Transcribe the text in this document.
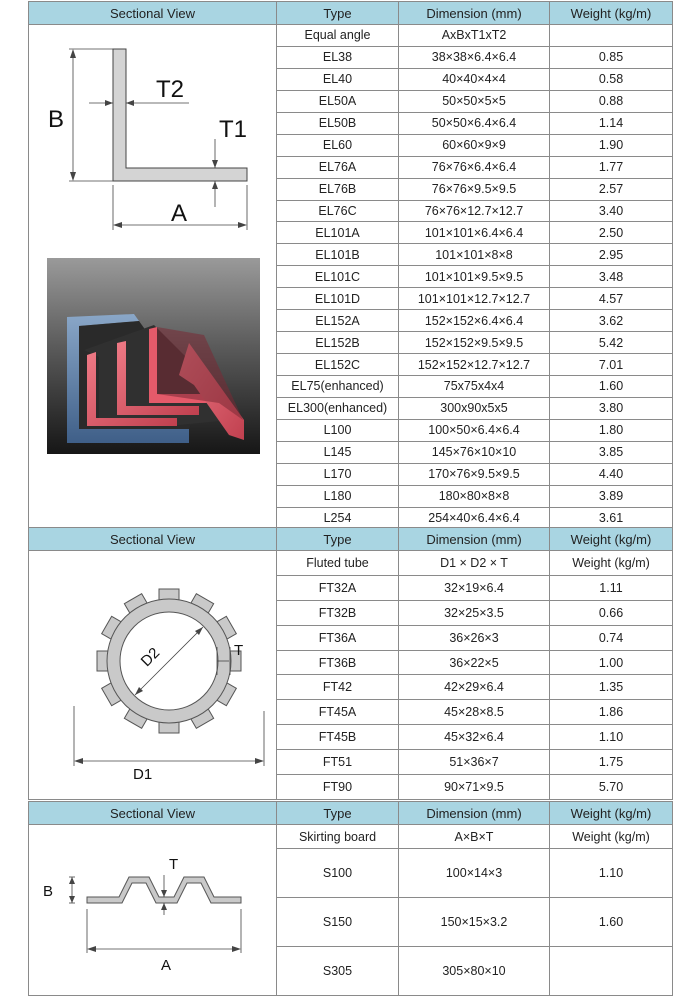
Sectional View	Type	Dimension (mm)	Weight (kg/m)

B
T2
T1
A	Equal angle	AxBxT1xT2	
	EL38	38×38×6.4×6.4	0.85
	EL40	40×40×4×4	0.58
	EL50A	50×50×5×5	0.88
	EL50B	50×50×6.4×6.4	1.14
	EL60	60×60×9×9	1.90
	EL76A	76×76×6.4×6.4	1.77
	EL76B	76×76×9.5×9.5	2.57
	EL76C	76×76×12.7×12.7	3.40
	EL101A	101×101×6.4×6.4	2.50
	EL101B	101×101×8×8	2.95
	EL101C	101×101×9.5×9.5	3.48
	EL101D	101×101×12.7×12.7	4.57
	EL152A	152×152×6.4×6.4	3.62
	EL152B	152×152×9.5×9.5	5.42
	EL152C	152×152×12.7×12.7	7.01
	EL75(enhanced)	75x75x4x4	1.60
	EL300(enhanced)	300x90x5x5	3.80
	L100	100×50×6.4×6.4	1.80
	L145	145×76×10×10	3.85
	L170	170×76×9.5×9.5	4.40
	L180	180×80×8×8	3.89
	L254	254×40×6.4×6.4	3.61
Sectional View	Type	Dimension (mm)	Weight (kg/m)

D2 T
D1	Fluted tube	D1 × D2 × T	Weight (kg/m)
	FT32A	32×19×6.4	1.11
	FT32B	32×25×3.5	0.66
	FT36A	36×26×3	0.74
	FT36B	36×22×5	1.00
	FT42	42×29×6.4	1.35
	FT45A	45×28×8.5	1.86
	FT45B	45×32×6.4	1.10
	FT51	51×36×7	1.75
	FT90	90×71×9.5	5.70
Sectional View	Type	Dimension (mm)	Weight (kg/m)

T
B
A	Skirting board	A×B×T	Weight (kg/m)
	S100	100×14×3	1.10
	S150	150×15×3.2	1.60
	S305	305×80×10	
